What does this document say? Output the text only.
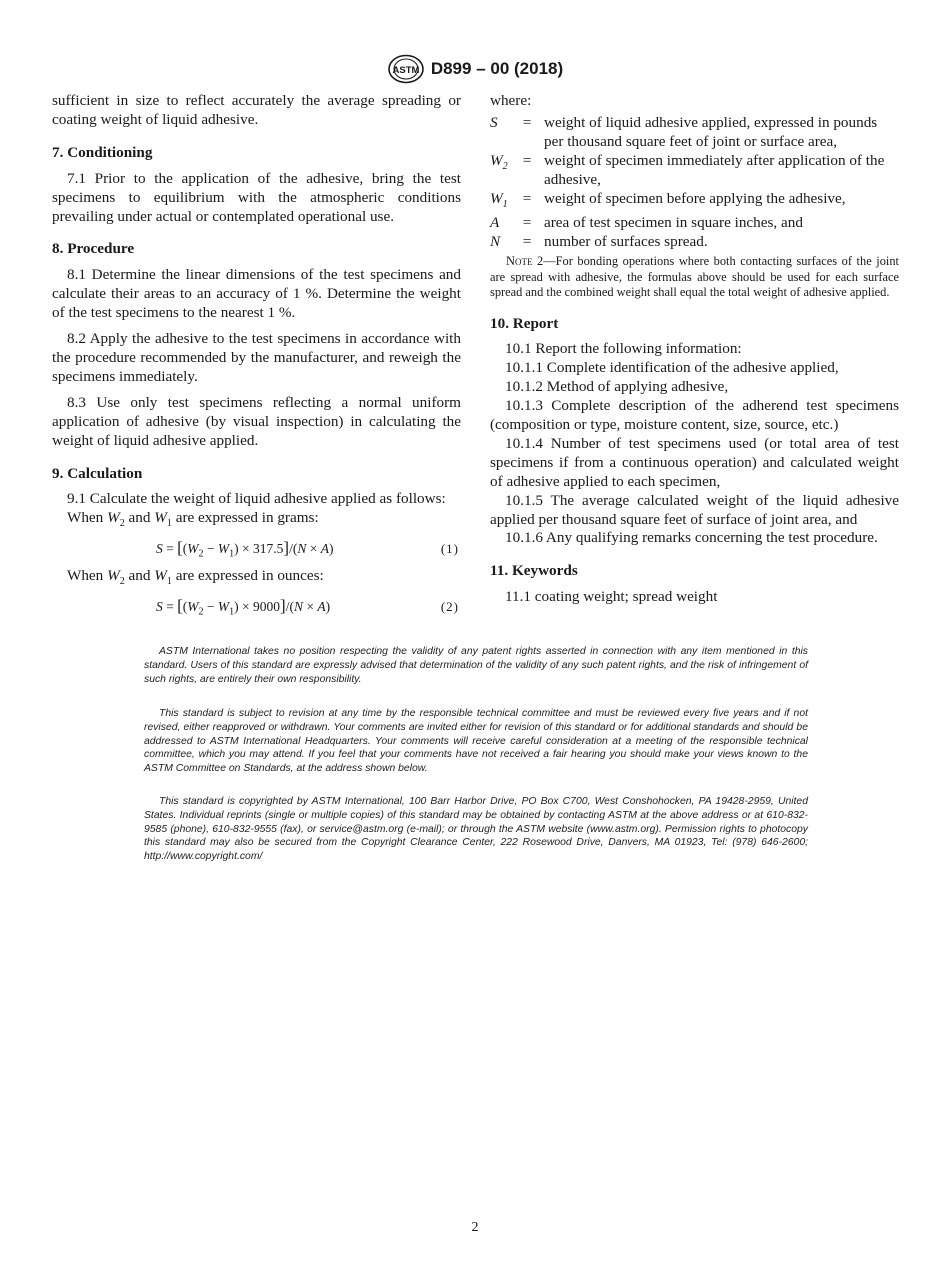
ASTM D899 – 00 (2018)

sufficient in size to reflect accurately the average spreading or coating weight of liquid adhesive.

7. Conditioning

7.1 Prior to the application of the adhesive, bring the test specimens to equilibrium with the atmospheric conditions prevailing under actual or contemplated operational use.

8. Procedure

8.1 Determine the linear dimensions of the test specimens and calculate their areas to an accuracy of 1 %. Determine the weight of the test specimens to the nearest 1 %.

8.2 Apply the adhesive to the test specimens in accordance with the procedure recommended by the manufacturer, and reweigh the specimens immediately.

8.3 Use only test specimens reflecting a normal uniform application of adhesive (by visual inspection) in calculating the weight of liquid adhesive applied.

9. Calculation

9.1 Calculate the weight of liquid adhesive applied as follows:

When $W_2$ and $W_1$ are expressed in grams:

$S = [(W_2 - W_1) \times 317.5]/(N \times A)$	(1)

When $W_2$ and $W_1$ are expressed in ounces:

$S = [(W_2 - W_1) \times 9000]/(N \times A)$	(2)

where:

S	= weight of liquid adhesive applied, expressed in pounds per thousand square feet of joint or surface area,
$W_2$ = weight of specimen immediately after application of the adhesive,
$W_1$ = weight of specimen before applying the adhesive,
A	= area of test specimen in square inches, and
N	= number of surfaces spread.

Note 2—For bonding operations where both contacting surfaces of the joint are spread with adhesive, the formulas above should be used for each surface spread and the combined weight shall equal the total weight of adhesive applied.

10. Report

10.1 Report the following information:

10.1.1 Complete identification of the adhesive applied,

10.1.2 Method of applying adhesive,

10.1.3 Complete description of the adherend test specimens (composition or type, moisture content, size, source, etc.)

10.1.4 Number of test specimens used (or total area of test specimens if from a continuous operation) and calculated weight of adhesive applied to each specimen,

10.1.5 The average calculated weight of the liquid adhesive applied per thousand square feet of surface of joint area, and

10.1.6 Any qualifying remarks concerning the test procedure.

11. Keywords

11.1 coating weight; spread weight

ASTM International takes no position respecting the validity of any patent rights asserted in connection with any item mentioned in this standard. Users of this standard are expressly advised that determination of the validity of any such patent rights, and the risk of infringement of such rights, are entirely their own responsibility.

This standard is subject to revision at any time by the responsible technical committee and must be reviewed every five years and if not revised, either reapproved or withdrawn. Your comments are invited either for revision of this standard or for additional standards and should be addressed to ASTM International Headquarters. Your comments will receive careful consideration at a meeting of the responsible technical committee, which you may attend. If you feel that your comments have not received a fair hearing you should make your views known to the ASTM Committee on Standards, at the address shown below.

This standard is copyrighted by ASTM International, 100 Barr Harbor Drive, PO Box C700, West Conshohocken, PA 19428-2959, United States. Individual reprints (single or multiple copies) of this standard may be obtained by contacting ASTM at the above address or at 610-832-9585 (phone), 610-832-9555 (fax), or service@astm.org (e-mail); or through the ASTM website (www.astm.org). Permission rights to photocopy this standard may also be secured from the Copyright Clearance Center, 222 Rosewood Drive, Danvers, MA 01923, Tel: (978) 646-2600; http://www.copyright.com/

2
